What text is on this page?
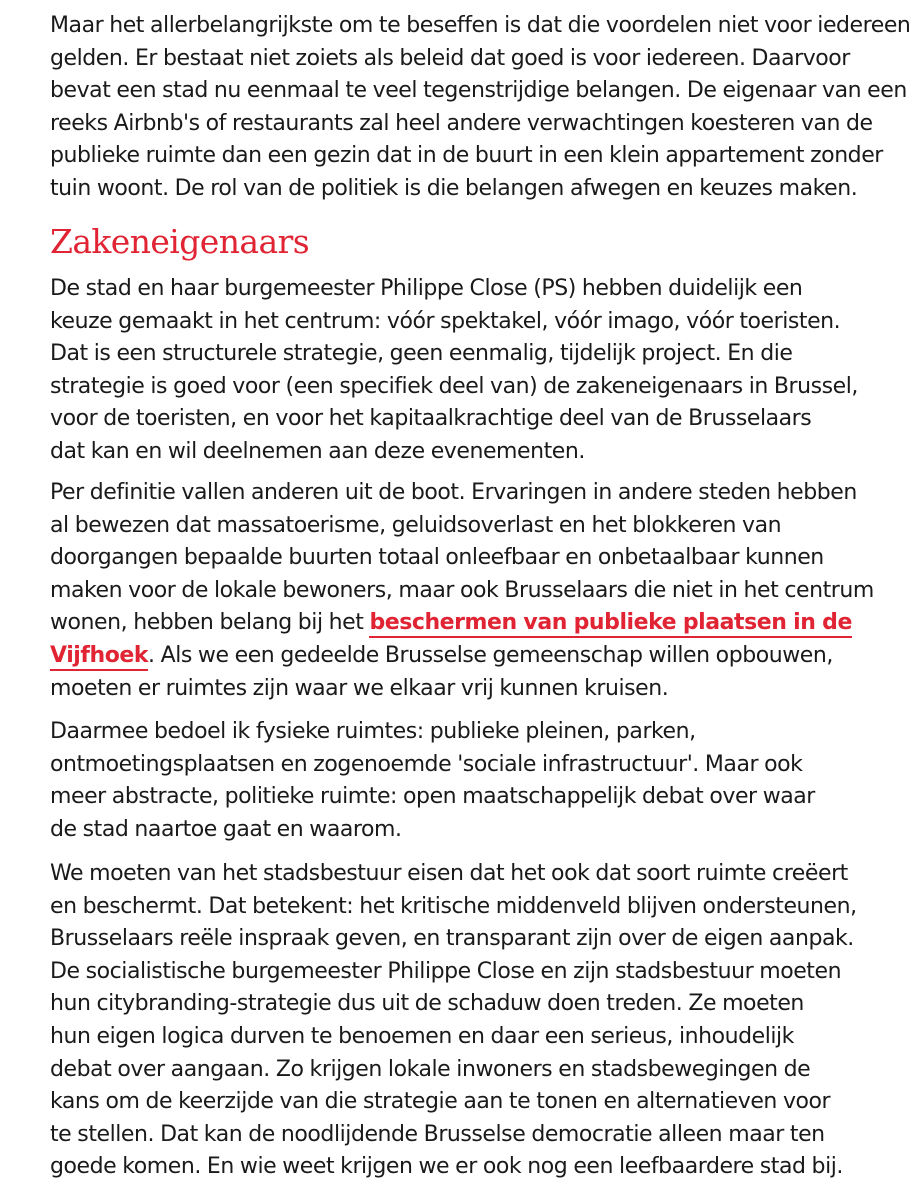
Maar het allerbelangrijkste om te beseffen is dat die voordelen niet voor iedereen
gelden. Er bestaat niet zoiets als beleid dat goed is voor iedereen. Daarvoor
bevat een stad nu eenmaal te veel tegenstrijdige belangen. De eigenaar van een
reeks Airbnb's of restaurants zal heel andere verwachtingen koesteren van de
publieke ruimte dan een gezin dat in de buurt in een klein appartement zonder
tuin woont. De rol van de politiek is die belangen afwegen en keuzes maken.

Zakeneigenaars

De stad en haar burgemeester Philippe Close (PS) hebben duidelijk een
keuze gemaakt in het centrum: vóór spektakel, vóór imago, vóór toeristen.
Dat is een structurele strategie, geen eenmalig, tijdelijk project. En die
strategie is goed voor (een specifiek deel van) de zakeneigenaars in Brussel,
voor de toeristen, en voor het kapitaalkrachtige deel van de Brusselaars
dat kan en wil deelnemen aan deze evenementen.

Per definitie vallen anderen uit de boot. Ervaringen in andere steden hebben
al bewezen dat massatoerisme, geluidsoverlast en het blokkeren van
doorgangen bepaalde buurten totaal onleefbaar en onbetaalbaar kunnen
maken voor de lokale bewoners, maar ook Brusselaars die niet in het centrum
wonen, hebben belang bij het beschermen van publieke plaatsen in de
Vijfhoek. Als we een gedeelde Brusselse gemeenschap willen opbouwen,
moeten er ruimtes zijn waar we elkaar vrij kunnen kruisen.

Daarmee bedoel ik fysieke ruimtes: publieke pleinen, parken,
ontmoetingsplaatsen en zogenoemde 'sociale infrastructuur'. Maar ook
meer abstracte, politieke ruimte: open maatschappelijk debat over waar
de stad naartoe gaat en waarom.

We moeten van het stadsbestuur eisen dat het ook dat soort ruimte creëert
en beschermt. Dat betekent: het kritische middenveld blijven ondersteunen,
Brusselaars reële inspraak geven, en transparant zijn over de eigen aanpak.
De socialistische burgemeester Philippe Close en zijn stadsbestuur moeten
hun citybranding-strategie dus uit de schaduw doen treden. Ze moeten
hun eigen logica durven te benoemen en daar een serieus, inhoudelijk
debat over aangaan. Zo krijgen lokale inwoners en stadsbewegingen de
kans om de keerzijde van die strategie aan te tonen en alternatieven voor
te stellen. Dat kan de noodlijdende Brusselse democratie alleen maar ten
goede komen. En wie weet krijgen we er ook nog een leefbaardere stad bij.
